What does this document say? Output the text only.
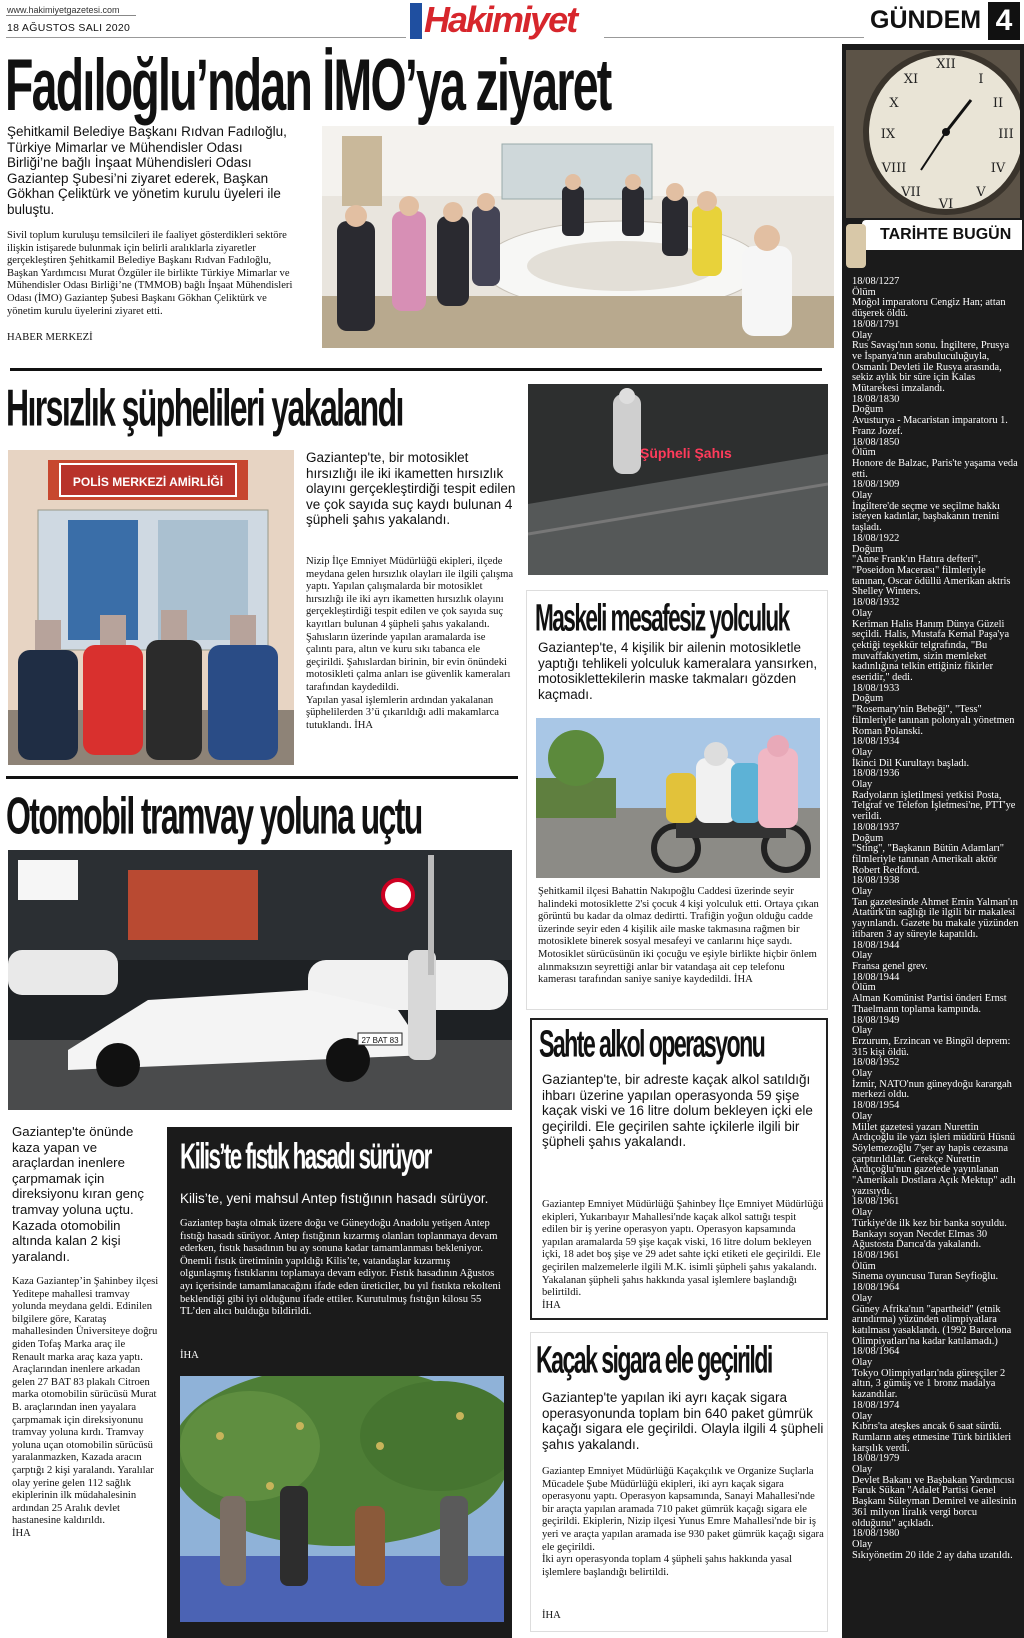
www.hakimiyetgazetesi.com
18 AĞUSTOS SALI 2020	Hakimiyet	GÜNDEM 4
Fadıloğlu’ndan İMO’ya ziyaret
Şehitkamil Belediye Başkanı Rıdvan Fadıloğlu, Türkiye Mimarlar ve Mühendisler Odası Birliği’ne bağlı İnşaat Mühendisleri Odası Gaziantep Şubesi’ni ziyaret ederek, Başkan Gökhan Çeliktürk ve yönetim kurulu üyeleri ile buluştu.
Sivil toplum kuruluşu temsilcileri ile faaliyet gösterdikleri sektöre ilişkin istişarede bulunmak için belirli aralıklarla ziyaretler gerçekleştiren Şehitkamil Belediye Başkanı Rıdvan Fadıloğlu, Başkan Yardımcısı Murat Özgüler ile birlikte Türkiye Mimarlar ve Mühendisler Odası Birliği’ne (TMMOB) bağlı İnşaat Mühendisleri Odası (İMO) Gaziantep Şubesi Başkanı Gökhan Çeliktürk ve yönetim kurulu üyelerini ziyaret etti.
HABER MERKEZİ
Hırsızlık şüphelileri yakalandı
POLİS MERKEZİ AMİRLİĞİ
Gaziantep'te, bir motosiklet hırsızlığı ile iki ikametten hırsızlık olayını gerçekleştirdiği tespit edilen ve çok sayıda suç kaydı bulunan 4 şüpheli şahıs yakalandı.
Nizip İlçe Emniyet Müdürlüğü ekipleri, ilçede meydana gelen hırsızlık olayları ile ilgili çalışma yaptı. Yapılan çalışmalarda bir motosiklet hırsızlığı ile iki ayrı ikametten hırsızlık olayını gerçekleştirdiği tespit edilen ve çok sayıda suç kayıtları bulunan 4 şüpheli şahıs yakalandı. Şahısların üzerinde yapılan aramalarda ise çalıntı para, altın ve kuru sıkı tabanca ele geçirildi. Şahıslardan birinin, bir evin önündeki motosikleti çalma anları ise güvenlik kameraları tarafından kaydedildi.
Yapılan yasal işlemlerin ardından yakalanan şüphelilerden 3’ü çıkarıldığı adli makamlarca tutuklandı. İHA
Şüpheli Şahıs
Maskeli mesafesiz yolculuk
Gaziantep'te, 4 kişilik bir ailenin motosikletle yaptığı tehlikeli yolculuk kameralara yansırken, motosiklettekilerin maske takmaları gözden kaçmadı.
Şehitkamil ilçesi Bahattin Nakıpoğlu Caddesi üzerinde seyir halindeki motosiklette 2'si çocuk 4 kişi yolculuk etti. Ortaya çıkan görüntü bu kadar da olmaz dedirtti. Trafiğin yoğun olduğu cadde üzerinde seyir eden 4 kişilik aile maske takmasına rağmen bir motosiklete binerek sosyal mesafeyi ve canlarını hiçe saydı. Motosiklet sürücüsünün iki çocuğu ve eşiyle birlikte hiçbir önlem alınmaksızın seyrettiği anlar bir vatandaşa ait cep telefonu kamerası tarafından saniye saniye kaydedildi. İHA
Otomobil tramvay yoluna uçtu
27 BAT 83
Gaziantep'te önünde kaza yapan ve araçlardan inenlere çarpmamak için direksiyonu kıran genç tramvay yoluna uçtu. Kazada otomobilin altında kalan 2 kişi yaralandı.
Kaza Gaziantep’in Şahinbey ilçesi Yeditepe mahallesi tramvay yolunda meydana geldi. Edinilen bilgilere göre, Karataş mahallesinden Üniversiteye doğru giden Tofaş Marka araç ile Renault marka araç kaza yaptı. Araçlarından inenlere arkadan gelen 27 BAT 83 plakalı Citroen marka otomobilin sürücüsü Murat B. araçlarından inen yayalara çarpmamak için direksiyonunu tramvay yoluna kırdı. Tramvay yoluna uçan otomobilin sürücüsü yaralanmazken, Kazada aracın çarptığı 2 kişi yaralandı. Yaralılar olay yerine gelen 112 sağlık ekiplerinin ilk müdahalesinin ardından 25 Aralık devlet hastanesine kaldırıldı.
İHA
Kilis’te fıstık hasadı sürüyor
Kilis’te, yeni mahsul Antep fıstığının hasadı sürüyor.
Gaziantep başta olmak üzere doğu ve Güneydoğu Anadolu yetişen Antep fıstığı hasadı sürüyor. Antep fıstığının kızarmış olanları toplanmaya devam ederken, fıstık hasadının bu ay sonuna kadar tamamlanması bekleniyor.
Önemli fıstık üretiminin yapıldığı Kilis’te, vatandaşlar kızarmış olgunlaşmış fıstıklarını toplamaya devam ediyor. Fıstık hasadının Ağustos ayı içerisinde tamamlanacağını ifade eden üreticiler, bu yıl fıstıkta rekolteni beklendiği gibi iyi olduğunu ifade ettiler. Kurutulmuş fıstığın kilosu 55 TL’den alıcı bulduğu bildirildi.
İHA
Sahte alkol operasyonu
Gaziantep'te, bir adreste kaçak alkol satıldığı ihbarı üzerine yapılan operasyonda 59 şişe kaçak viski ve 16 litre dolum bekleyen içki ele geçirildi. Ele geçirilen sahte içkilerle ilgili bir şüpheli şahıs yakalandı.
Gaziantep Emniyet Müdürlüğü Şahinbey İlçe Emniyet Müdürlüğü ekipleri, Yukarıbayır Mahallesi'nde kaçak alkol sattığı tespit edilen bir iş yerine operasyon yaptı. Operasyon kapsamında yapılan aramalarda 59 şişe kaçak viski, 16 litre dolum bekleyen içki, 18 adet boş şişe ve 29 adet sahte içki etiketi ele geçirildi. Ele geçirilen malzemelerle ilgili M.K. isimli şüpheli şahıs yakalandı. Yakalanan şüpheli şahıs hakkında yasal işlemlere başlandığı belirtildi.
İHA
Kaçak sigara ele geçirildi
Gaziantep'te yapılan iki ayrı kaçak sigara operasyonunda toplam bin 640 paket gümrük kaçağı sigara ele geçirildi. Olayla ilgili 4 şüpheli şahıs yakalandı.
Gaziantep Emniyet Müdürlüğü Kaçakçılık ve Organize Suçlarla Mücadele Şube Müdürlüğü ekipleri, iki ayrı kaçak sigara operasyonu yaptı. Operasyon kapsamında, Sanayi Mahallesi'nde bir araçta yapılan aramada 710 paket gümrük kaçağı sigara ele geçirildi. Ekiplerin, Nizip ilçesi Yunus Emre Mahallesi'nde bir iş yeri ve araçta yapılan aramada ise 930 paket gümrük kaçağı sigara ele geçirildi.
İki ayrı operasyonda toplam 4 şüpheli şahıs hakkında yasal işlemlere başlandığı belirtildi.
İHA
XII
III
VI
IX
I
II
IV
V
VII
VIII
X
XI
TARİHTE BUGÜN
18/08/1227
Ölüm
Moğol imparatoru Cengiz Han; attan düşerek öldü.
18/08/1791
Olay
Rus Savaşı'nın sonu. İngiltere, Prusya ve İspanya'nın arabuluculuğuyla, Osmanlı Devleti ile Rusya arasında, sekiz aylık bir süre için Kalas Mütarekesi imzalandı.
18/08/1830
Doğum
Avusturya - Macaristan imparatoru 1. Franz Jozef.
18/08/1850
Ölüm
Honore de Balzac, Paris'te yaşama veda etti.
18/08/1909
Olay
İngiltere'de seçme ve seçilme hakkı isteyen kadınlar, başbakanın trenini taşladı.
18/08/1922
Doğum
"Anne Frank'ın Hatıra defteri", "Poseidon Macerası" filmleriyle tanınan, Oscar ödüllü Amerikan aktris Shelley Winters.
18/08/1932
Olay
Keriman Halis Hanım Dünya Güzeli seçildi. Halis, Mustafa Kemal Paşa'ya çektiği teşekkür telgrafında, "Bu muvaffakıyetim, sizin memleket kadınlığına telkin ettiğiniz fikirler eseridir," dedi.
18/08/1933
Doğum
"Rosemary'nin Bebeği", "Tess" filmleriyle tanınan polonyalı yönetmen Roman Polanski.
18/08/1934
Olay
İkinci Dil Kurultayı başladı.
18/08/1936
Olay
Radyoların işletilmesi yetkisi Posta, Telgraf ve Telefon İşletmesi'ne, PTT'ye verildi.
18/08/1937
Doğum
"Sting", "Başkanın Bütün Adamları" filmleriyle tanınan Amerikalı aktör Robert Redford.
18/08/1938
Olay
Tan gazetesinde Ahmet Emin Yalman'ın Atatürk'ün sağlığı ile ilgili bir makalesi yayınlandı. Gazete bu makale yüzünden itibaren 3 ay süreyle kapatıldı.
18/08/1944
Olay
Fransa genel grev.
18/08/1944
Ölüm
Alman Komünist Partisi önderi Ernst Thaelmann toplama kampında.
18/08/1949
Olay
Erzurum, Erzincan ve Bingöl deprem: 315 kişi öldü.
18/08/1952
Olay
İzmir, NATO'nun güneydoğu karargah merkezi oldu.
18/08/1954
Olay
Millet gazetesi yazarı Nurettin Ardıçoğlu ile yazı işleri müdürü Hüsnü Söylemezoğlu 7'şer ay hapis cezasına çarptırıldılar. Gerekçe Nurettin Ardıçoğlu'nun gazetede yayınlanan "Amerikalı Dostlara Açık Mektup" adlı yazısıydı.
18/08/1961
Olay
Türkiye'de ilk kez bir banka soyuldu. Bankayı soyan Necdet Elmas 30 Ağustosta Darıca'da yakalandı.
18/08/1961
Ölüm
Sinema oyuncusu Turan Seyfioğlu.
18/08/1964
Olay
Güney Afrika'nın "apartheid" (etnik arındırma) yüzünden olimpiyatlara katılması yasaklandı. (1992 Barcelona Olimpiyatları'na kadar katılamadı.)
18/08/1964
Olay
Tokyo Olimpiyatları'nda güreşçiler 2 altın, 3 gümüş ve 1 bronz madalya kazandılar.
18/08/1974
Olay
Kıbrıs'ta ateşkes ancak 6 saat sürdü. Rumların ateş etmesine Türk birlikleri karşılık verdi.
18/08/1979
Olay
Devlet Bakanı ve Başbakan Yardımcısı Faruk Sükan "Adalet Partisi Genel Başkanı Süleyman Demirel ve ailesinin 361 milyon liralık vergi borcu olduğunu" açıkladı.
18/08/1980
Olay
Sıkıyönetim 20 ilde 2 ay daha uzatıldı.
